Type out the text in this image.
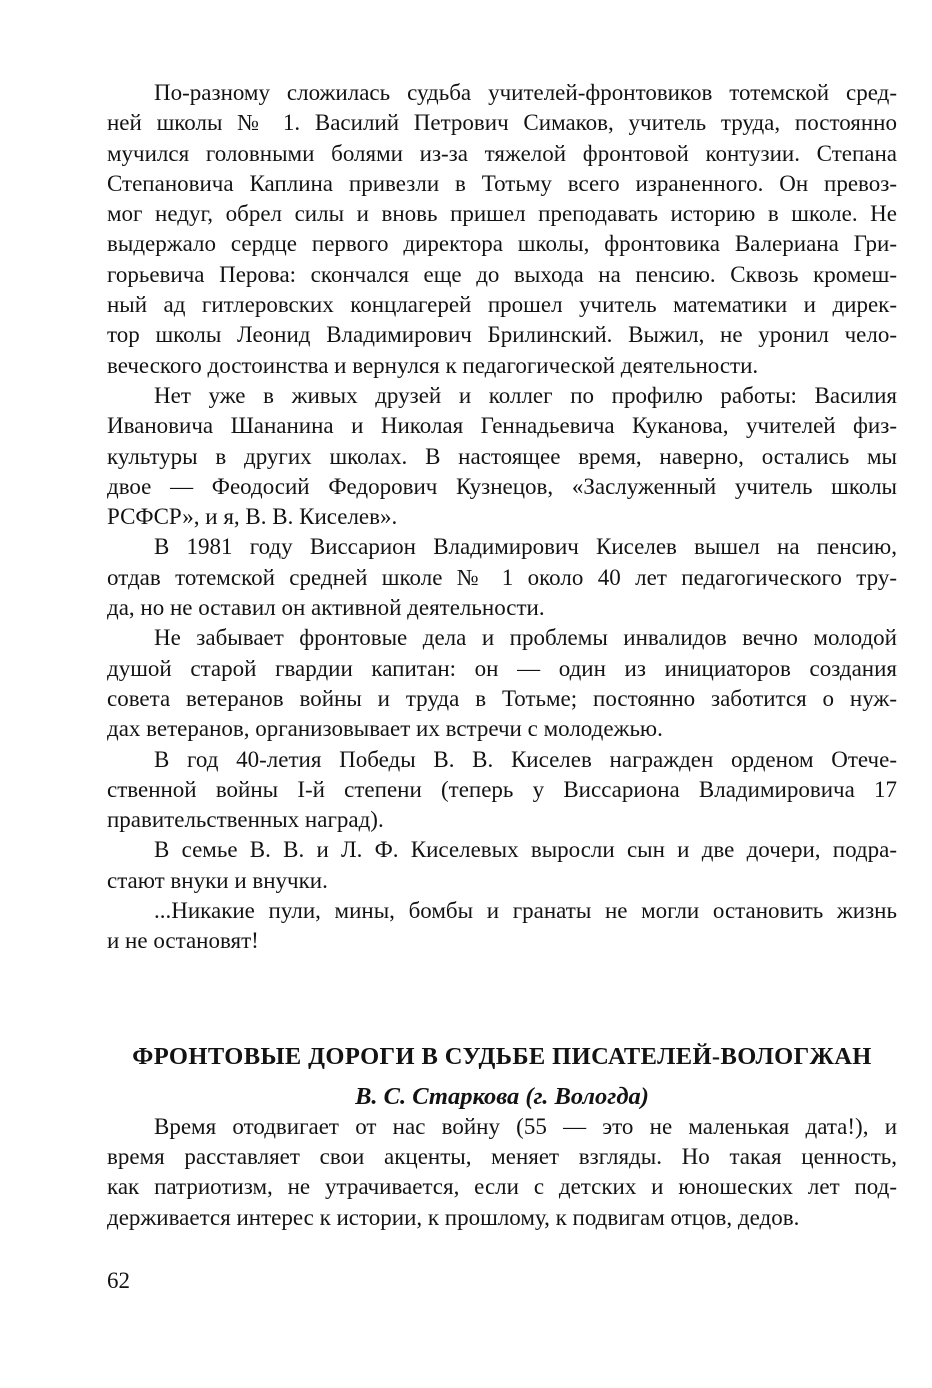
По-разному сложилась судьба учителей-фронтовиков тотемской сред-
ней школы № 1. Василий Петрович Симаков, учитель труда, постоянно
мучился головными болями из-за тяжелой фронтовой контузии. Степана
Степановича Каплина привезли в Тотьму всего израненного. Он превоз-
мог недуг, обрел силы и вновь пришел преподавать историю в школе. Не
выдержало сердце первого директора школы, фронтовика Валериана Гри-
горьевича Перова: скончался еще до выхода на пенсию. Сквозь кромеш-
ный ад гитлеровских концлагерей прошел учитель математики и дирек-
тор школы Леонид Владимирович Брилинский. Выжил, не уронил чело-
веческого достоинства и вернулся к педагогической деятельности.
Нет уже в живых друзей и коллег по профилю работы: Василия
Ивановича Шананина и Николая Геннадьевича Куканова, учителей физ-
культуры в других школах. В настоящее время, наверно, остались мы
двое — Феодосий Федорович Кузнецов, «Заслуженный учитель школы
РСФСР», и я, В. В. Киселев».
В 1981 году Виссарион Владимирович Киселев вышел на пенсию,
отдав тотемской средней школе № 1 около 40 лет педагогического тру-
да, но не оставил он активной деятельности.
Не забывает фронтовые дела и проблемы инвалидов вечно молодой
душой старой гвардии капитан: он — один из инициаторов создания
совета ветеранов войны и труда в Тотьме; постоянно заботится о нуж-
дах ветеранов, организовывает их встречи с молодежью.
В год 40-летия Победы В. В. Киселев награжден орденом Отече-
ственной войны I-й степени (теперь у Виссариона Владимировича 17
правительственных наград).
В семье В. В. и Л. Ф. Киселевых выросли сын и две дочери, подра-
стают внуки и внучки.
...Никакие пули, мины, бомбы и гранаты не могли остановить жизнь
и не остановят!
ФРОНТОВЫЕ ДОРОГИ В СУДЬБЕ ПИСАТЕЛЕЙ-ВОЛОГЖАН
В. С. Старкова (г. Вологда)
Время отодвигает от нас войну (55 — это не маленькая дата!), и
время расставляет свои акценты, меняет взгляды. Но такая ценность,
как патриотизм, не утрачивается, если с детских и юношеских лет под-
держивается интерес к истории, к прошлому, к подвигам отцов, дедов.
62
